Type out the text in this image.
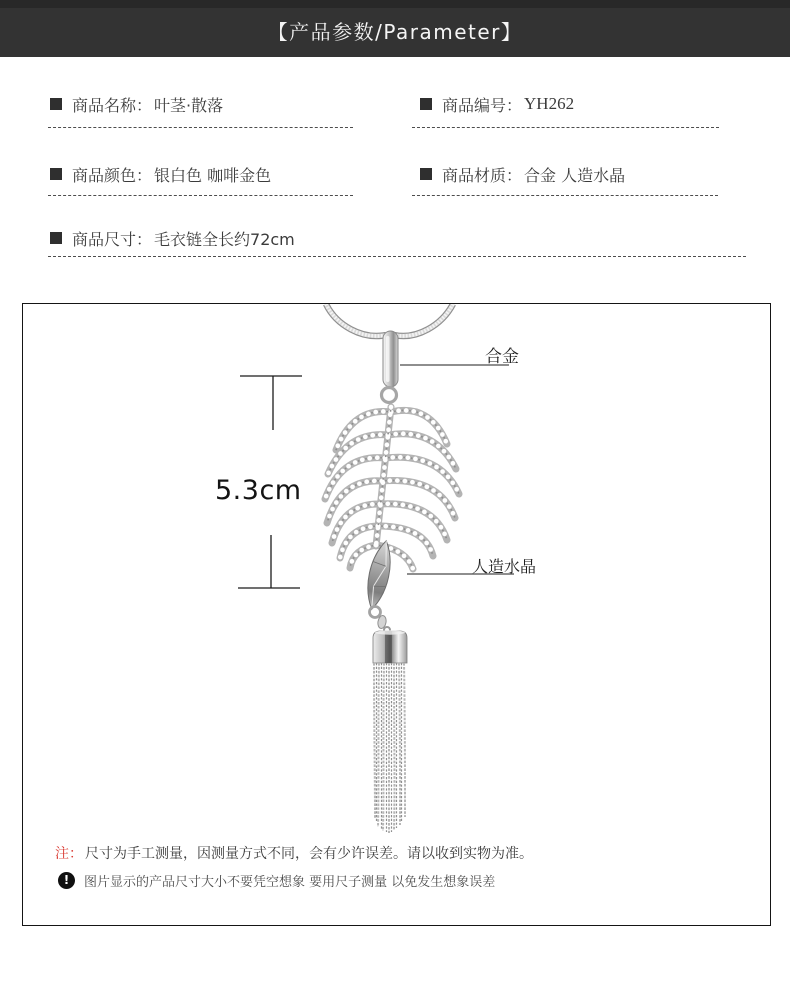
【产品参数/Parameter】
商品名称： 叶茎·散落	商品编号： YH262
商品颜色： 银白色 咖啡金色	商品材质： 合金 人造水晶
商品尺寸： 毛衣链全长约72cm
合金
人造水晶
5.3cm
注： 尺寸为手工测量，因测量方式不同，会有少许误差。请以收到实物为准。
!	图片显示的产品尺寸大小不要凭空想象 要用尺子测量 以免发生想象误差
